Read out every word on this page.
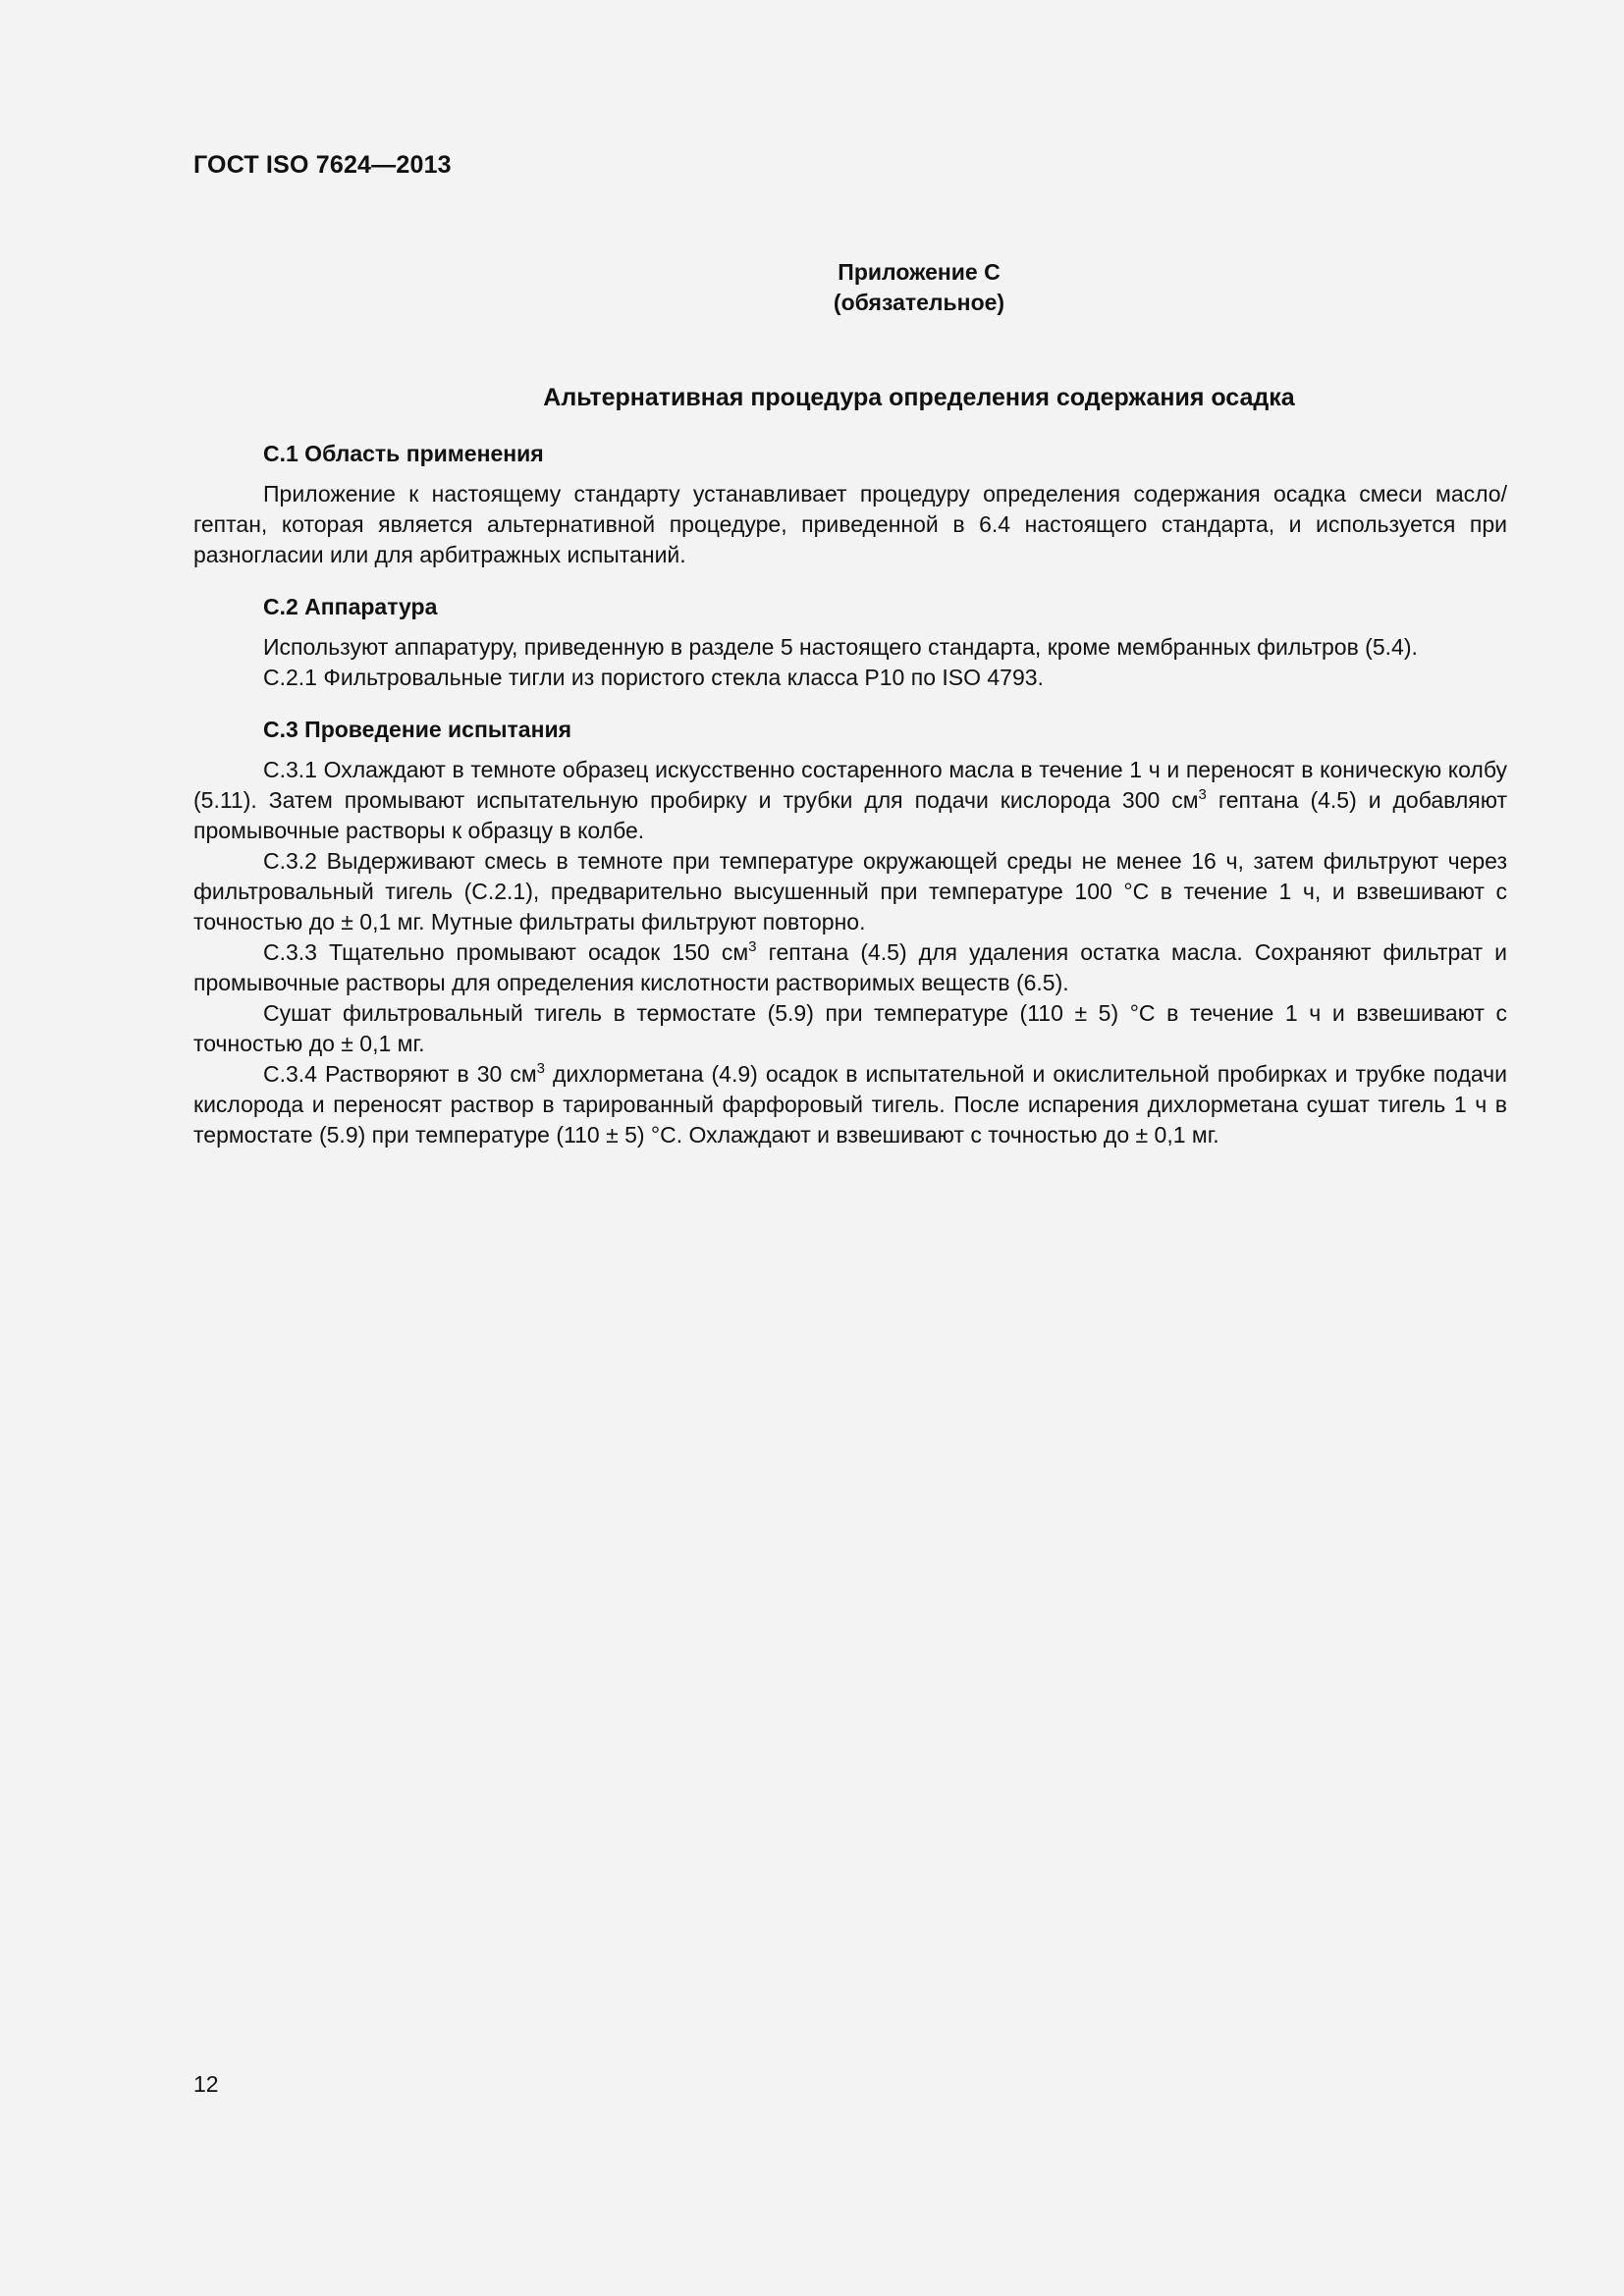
ГОСТ ISO 7624—2013
Приложение С
(обязательное)
Альтернативная процедура определения содержания осадка
С.1 Область применения

Приложение к настоящему стандарту устанавливает процедуру определения содержания осадка смеси масло/гептан, которая является альтернативной процедуре, приведенной в 6.4 настоящего стандарта, и используется при разногласии или для арбитражных испытаний.

С.2 Аппаратура

Используют аппаратуру, приведенную в разделе 5 настоящего стандарта, кроме мембранных фильтров (5.4).

С.2.1 Фильтровальные тигли из пористого стекла класса Р10 по ISO 4793.

С.3 Проведение испытания

С.3.1 Охлаждают в темноте образец искусственно состаренного масла в течение 1 ч и переносят в коническую колбу (5.11). Затем промывают испытательную пробирку и трубки для подачи кислорода 300 $см^3$ гептана (4.5) и добавляют промывочные растворы к образцу в колбе.

С.3.2 Выдерживают смесь в темноте при температуре окружающей среды не менее 16 ч, затем фильтруют через фильтровальный тигель (С.2.1), предварительно высушенный при температуре 100 °С в течение 1 ч, и взвешивают с точностью до ± 0,1 мг. Мутные фильтраты фильтруют повторно.

С.3.3 Тщательно промывают осадок 150 $см^3$ гептана (4.5) для удаления остатка масла. Сохраняют фильтрат и промывочные растворы для определения кислотности растворимых веществ (6.5).

Сушат фильтровальный тигель в термостате (5.9) при температуре (110 ± 5) °С в течение 1 ч и взвешивают с точностью до ± 0,1 мг.

С.3.4 Растворяют в 30 $см^3$ дихлорметана (4.9) осадок в испытательной и окислительной пробирках и трубке подачи кислорода и переносят раствор в тарированный фарфоровый тигель. После испарения дихлорметана сушат тигель 1 ч в термостате (5.9) при температуре (110 ± 5) °С. Охлаждают и взвешивают с точностью до ± 0,1 мг.

12
